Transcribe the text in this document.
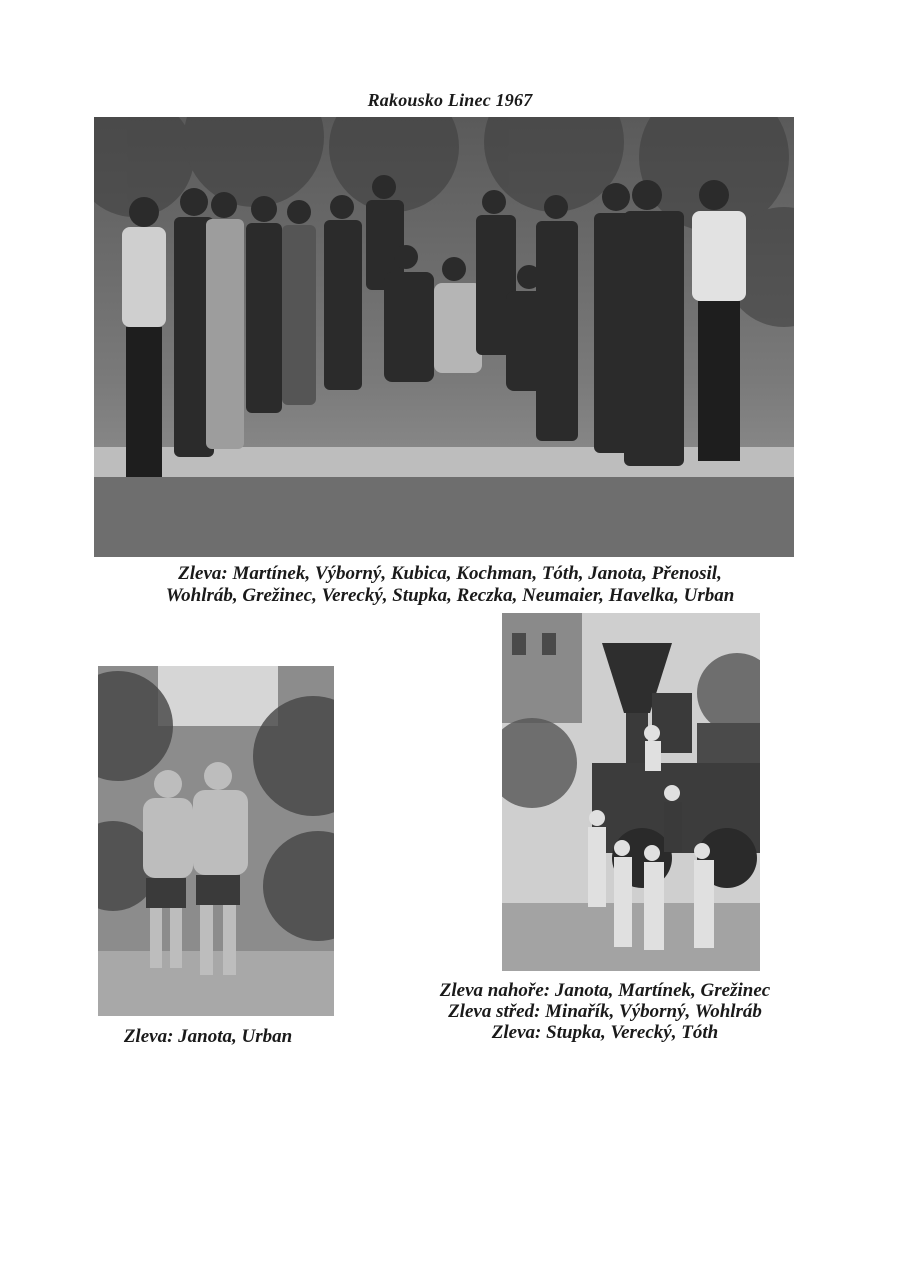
Rakousko Linec 1967
Zleva: Martínek, Výborný, Kubica, Kochman, Tóth, Janota, Přenosil,
Wohlráb, Grežinec, Verecký, Stupka, Reczka, Neumaier, Havelka, Urban
Zleva: Janota, Urban
Zleva nahoře: Janota, Martínek, Grežinec
Zleva střed: Minařík, Výborný, Wohlráb
Zleva: Stupka, Verecký, Tóth
